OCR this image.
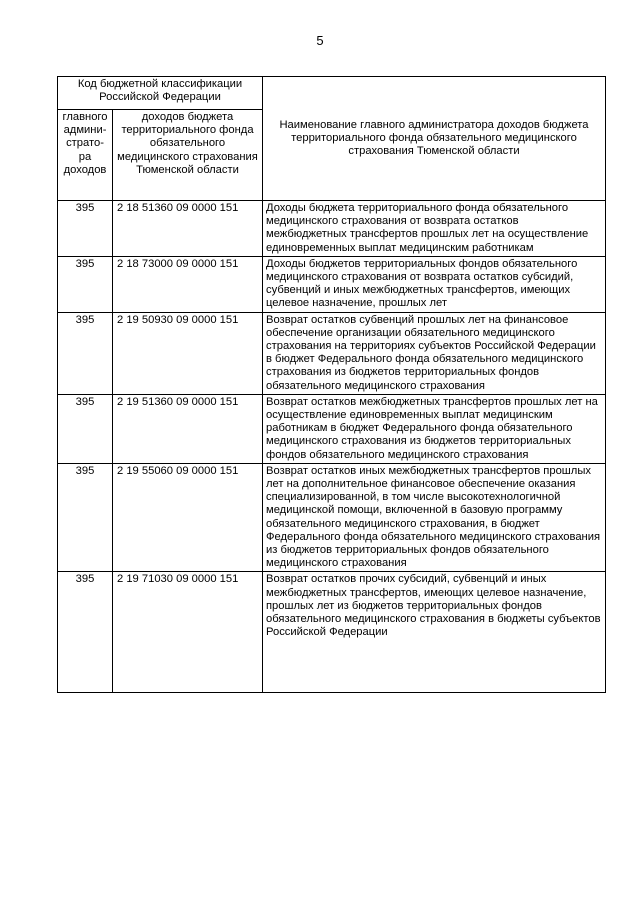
5
Код бюджетной классификации Российской Федерации		Наименование главного администратора доходов бюджета территориального фонда обязательного медицинского страхования Тюменской области
главного админи-страто-ра доходов	доходов бюджета территориального фонда обязательного медицинского страхования Тюменской области	
395	2 18 51360 09 0000 151	Доходы бюджета территориального фонда обязательного медицинского страхования от возврата остатков межбюджетных трансфертов прошлых лет на осуществление единовременных выплат медицинским работникам
395	2 18 73000 09 0000 151	Доходы бюджетов территориальных фондов обязательного медицинского страхования от возврата остатков субсидий, субвенций и иных межбюджетных трансфертов, имеющих целевое назначение, прошлых лет
395	2 19 50930 09 0000 151	Возврат остатков субвенций прошлых лет на финансовое обеспечение организации обязательного медицинского страхования на территориях субъектов Российской Федерации в бюджет Федерального фонда обязательного медицинского страхования из бюджетов территориальных фондов обязательного медицинского страхования
395	2 19 51360 09 0000 151	Возврат остатков межбюджетных трансфертов прошлых лет на осуществление единовременных выплат медицинским работникам в бюджет Федерального фонда обязательного медицинского страхования из бюджетов территориальных фондов обязательного медицинского страхования
395	2 19 55060 09 0000 151	Возврат остатков иных межбюджетных трансфертов прошлых лет на дополнительное финансовое обеспечение оказания специализированной, в том числе высокотехнологичной медицинской помощи, включенной в базовую программу обязательного медицинского страхования, в бюджет Федерального фонда обязательного медицинского страхования из бюджетов территориальных фондов обязательного медицинского страхования
395	2 19 71030 09 0000 151	Возврат остатков прочих субсидий, субвенций и иных межбюджетных трансфертов, имеющих целевое назначение, прошлых лет из бюджетов территориальных фондов обязательного медицинского страхования в бюджеты субъектов Российской Федерации
